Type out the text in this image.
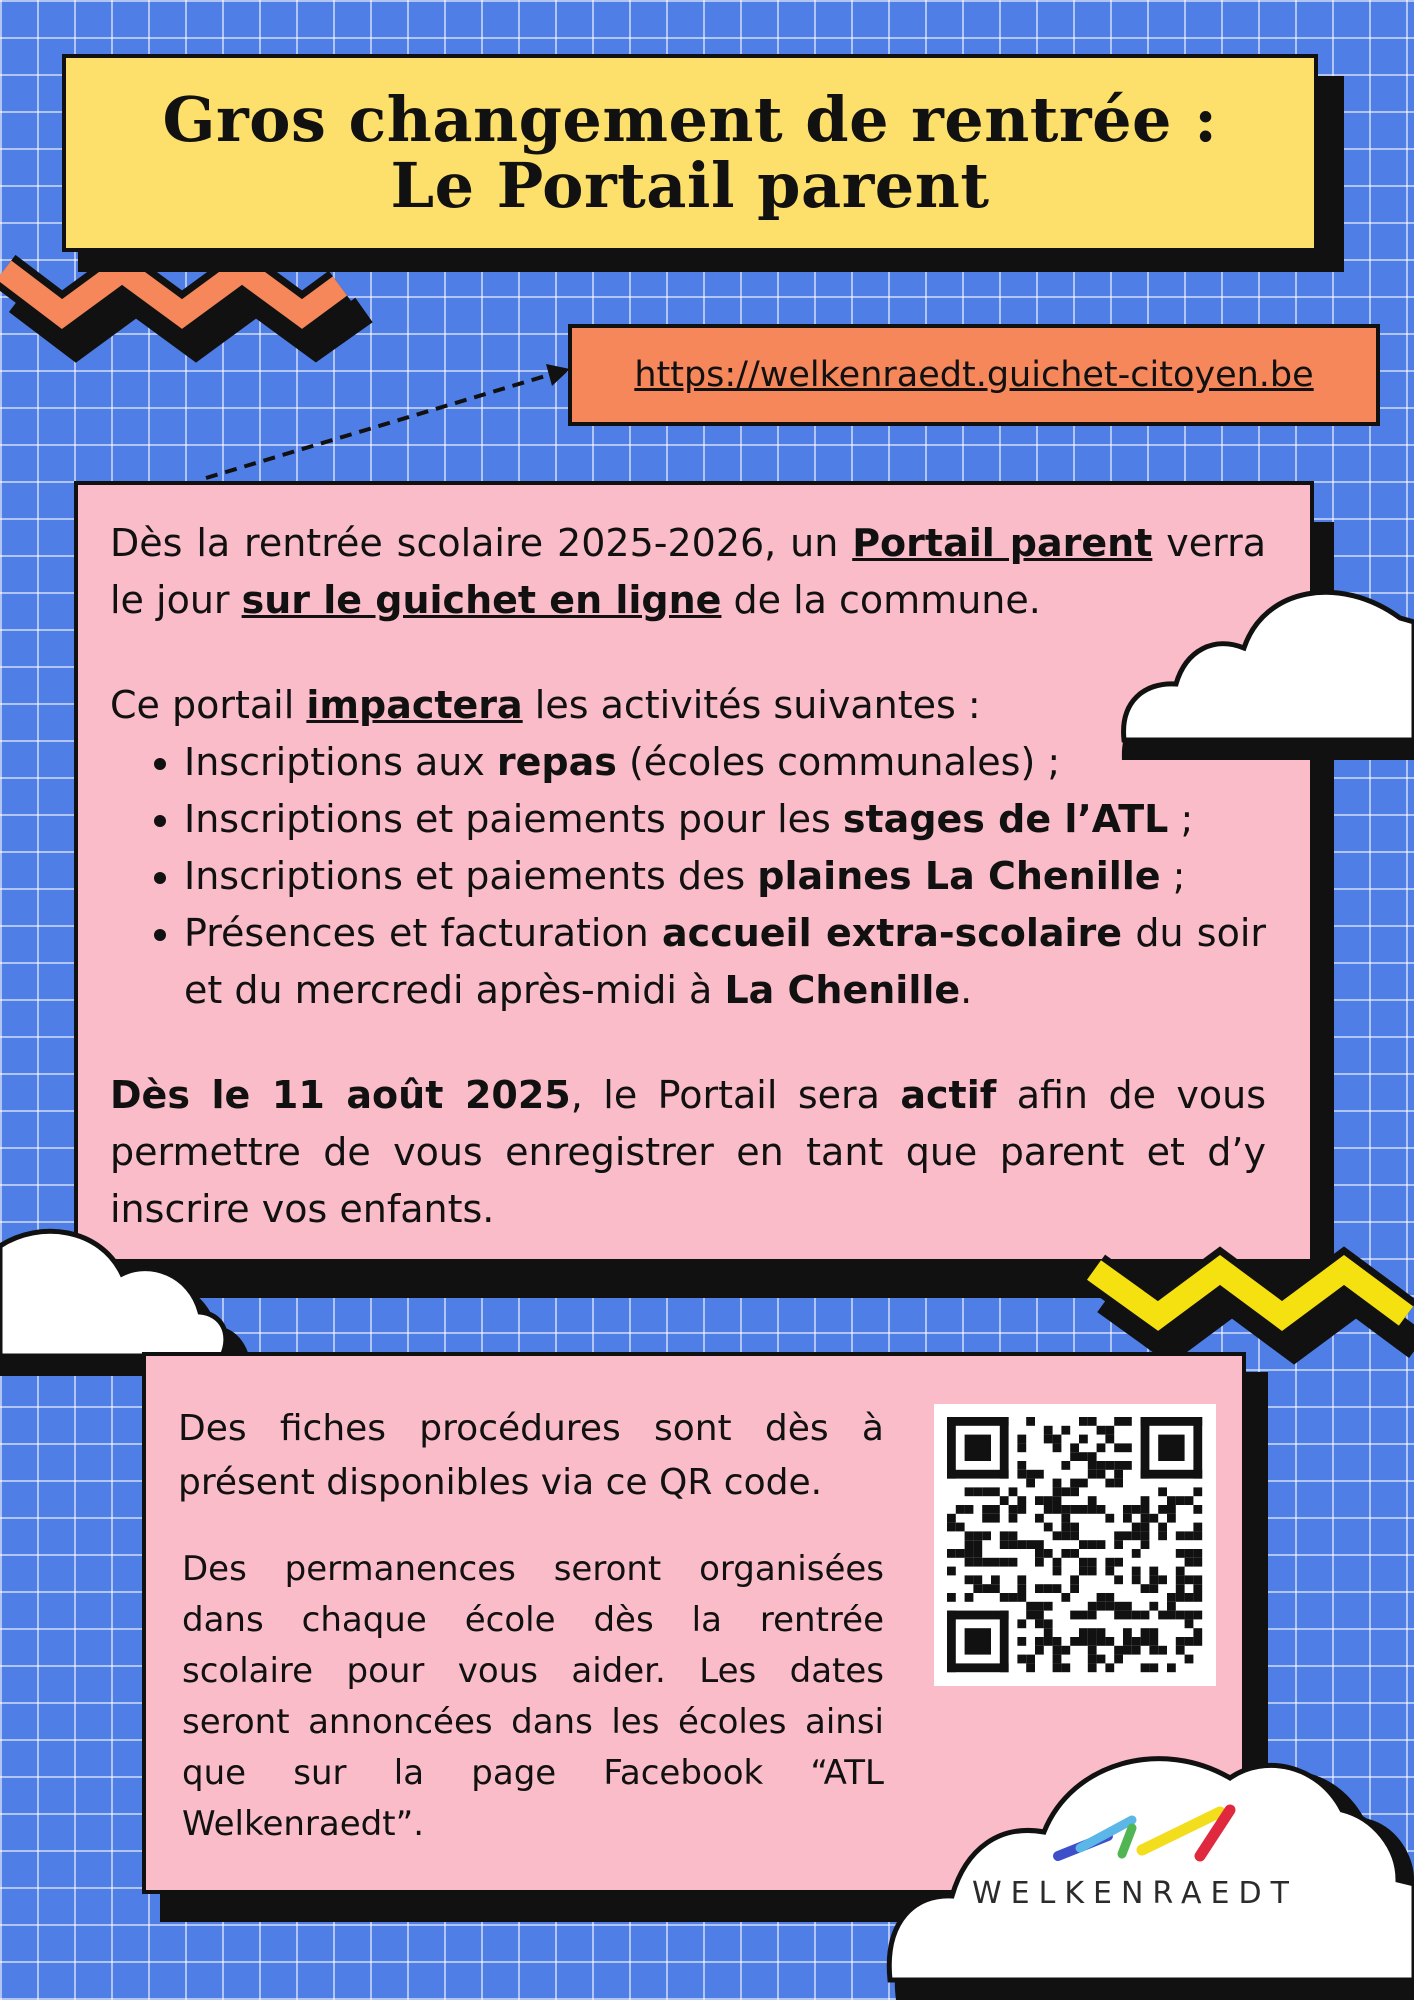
Gros changement de rentrée :
Le Portail parent
https://welkenraedt.guichet-citoyen.be

Dès la rentrée scolaire 2025-2026, un Portail parent verra le jour sur le guichet en ligne de la commune.

Ce portail impactera les activités suivantes :

• Inscriptions aux repas (écoles communales) ;
• Inscriptions et paiements pour les stages de l’ATL ;
• Inscriptions et paiements des plaines La Chenille ;
• Présences et facturation accueil extra-scolaire du soir et du mercredi après-midi à La Chenille.

Dès le 11 août 2025, le Portail sera actif afin de vous permettre de vous enregistrer en tant que parent et d’y inscrire vos enfants.

Des fiches procédures sont dès à présent disponibles via ce QR code.
Des permanences seront organisées dans chaque école dès la rentrée scolaire pour vous aider. Les dates seront annoncées dans les écoles ainsi que sur la page Facebook “ATL Welkenraedt”.
WELKENRAEDT
